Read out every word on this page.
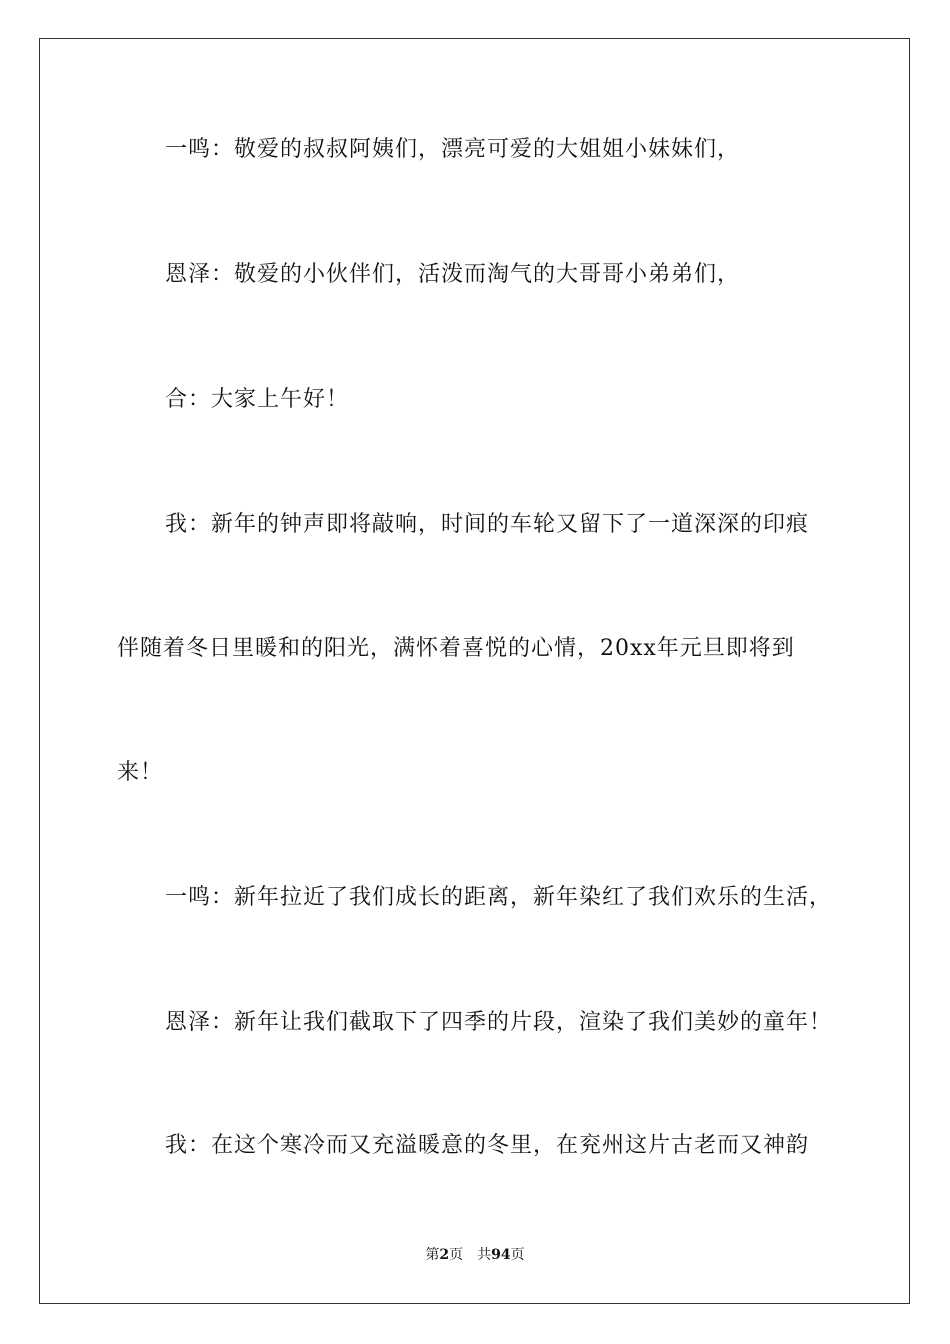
一鸣：敬爱的叔叔阿姨们，漂亮可爱的大姐姐小妹妹们，
恩泽：敬爱的小伙伴们，活泼而淘气的大哥哥小弟弟们，
合：大家上午好！
我：新年的钟声即将敲响，时间的车轮又留下了一道深深的印痕
伴随着冬日里暖和的阳光，满怀着喜悦的心情，20xx年元旦即将到
来！
一鸣：新年拉近了我们成长的距离，新年染红了我们欢乐的生活，
恩泽：新年让我们截取下了四季的片段，渲染了我们美妙的童年！
我：在这个寒冷而又充溢暖意的冬里，在兖州这片古老而又神韵
第2页 共94页
